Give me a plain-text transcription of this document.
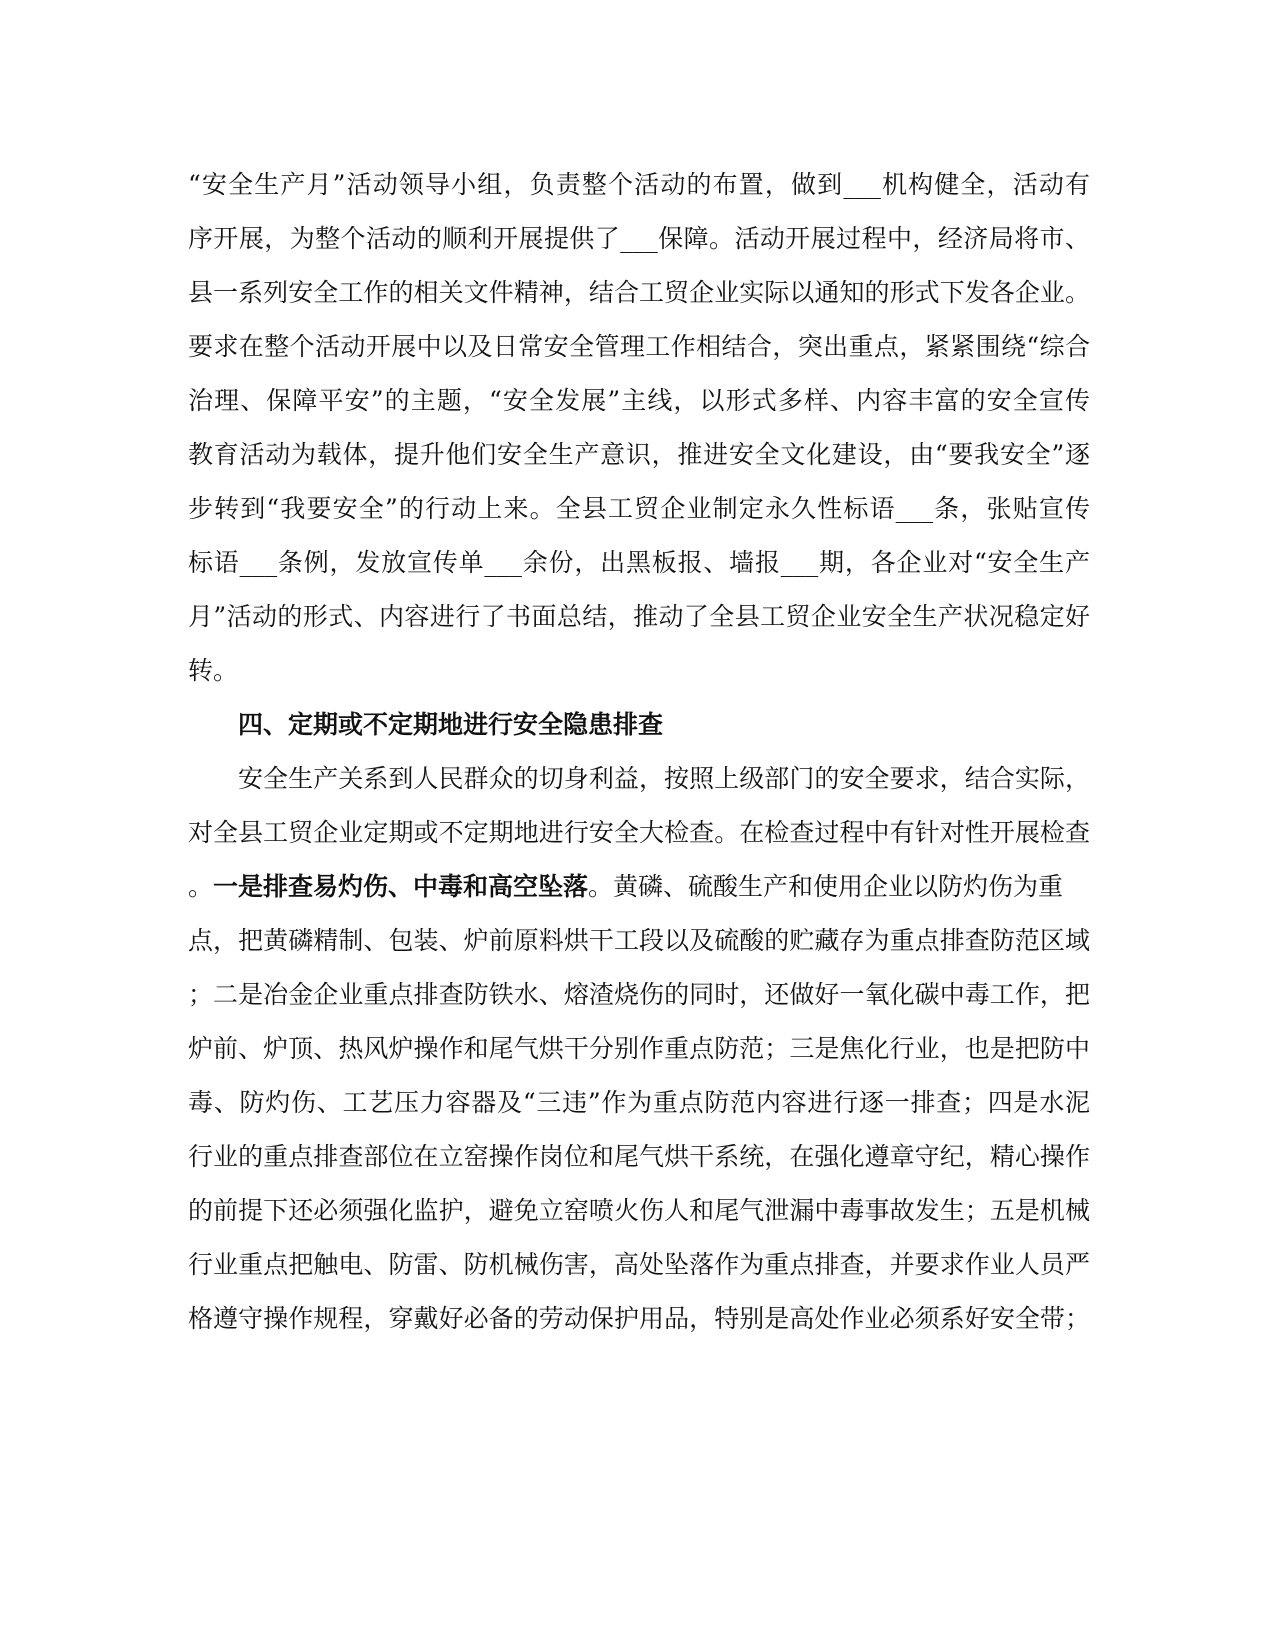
“安全生产月”活动领导小组，负责整个活动的布置，做到___机构健全，活动有
序开展，为整个活动的顺利开展提供了___保障。活动开展过程中，经济局将市、
县一系列安全工作的相关文件精神，结合工贸企业实际以通知的形式下发各企业。
要求在整个活动开展中以及日常安全管理工作相结合，突出重点，紧紧围绕“综合
治理、保障平安”的主题，“安全发展”主线，以形式多样、内容丰富的安全宣传
教育活动为载体，提升他们安全生产意识，推进安全文化建设，由“要我安全”逐
步转到“我要安全”的行动上来。全县工贸企业制定永久性标语___条，张贴宣传
标语___条例，发放宣传单___余份，出黑板报、墙报___期，各企业对“安全生产
月”活动的形式、内容进行了书面总结，推动了全县工贸企业安全生产状况稳定好
转。
四、定期或不定期地进行安全隐患排查
安全生产关系到人民群众的切身利益，按照上级部门的安全要求，结合实际，
对全县工贸企业定期或不定期地进行安全大检查。在检查过程中有针对性开展检查
。一是排查易灼伤、中毒和高空坠落。黄磷、硫酸生产和使用企业以防灼伤为重
点，把黄磷精制、包装、炉前原料烘干工段以及硫酸的贮藏存为重点排查防范区域
；二是冶金企业重点排查防铁水、熔渣烧伤的同时，还做好一氧化碳中毒工作，把
炉前、炉顶、热风炉操作和尾气烘干分别作重点防范；三是焦化行业，也是把防中
毒、防灼伤、工艺压力容器及“三违”作为重点防范内容进行逐一排查；四是水泥
行业的重点排查部位在立窑操作岗位和尾气烘干系统，在强化遵章守纪，精心操作
的前提下还必须强化监护，避免立窑喷火伤人和尾气泄漏中毒事故发生；五是机械
行业重点把触电、防雷、防机械伤害，高处坠落作为重点排查，并要求作业人员严
格遵守操作规程，穿戴好必备的劳动保护用品，特别是高处作业必须系好安全带；
